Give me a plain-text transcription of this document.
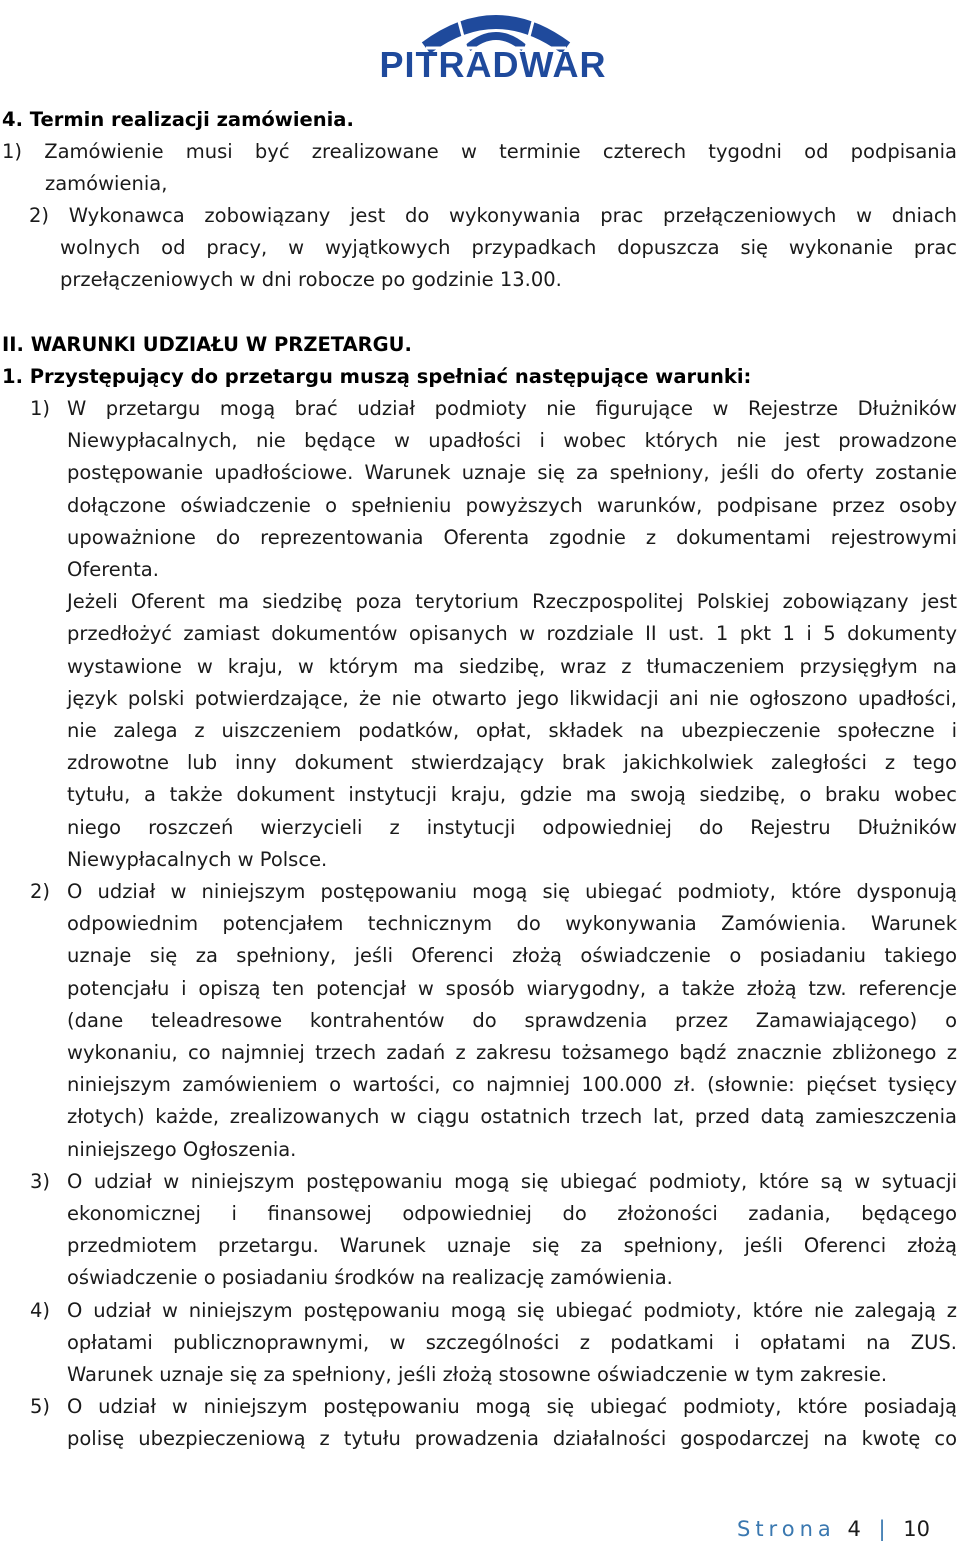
PITRADWAR
4. Termin realizacji zamówienia.
1) Zamówienie musi być zrealizowane w terminie czterech tygodni od podpisania
zamówienia,
2) Wykonawca zobowiązany jest do wykonywania prac przełączeniowych w dniach
wolnych od pracy, w wyjątkowych przypadkach dopuszcza się wykonanie prac
przełączeniowych w dni robocze po godzinie 13.00.
II. WARUNKI UDZIAŁU W PRZETARGU.
1. Przystępujący do przetargu muszą spełniać następujące warunki:
1) W przetargu mogą brać udział podmioty nie figurujące w Rejestrze Dłużników
Niewypłacalnych, nie będące w upadłości i wobec których nie jest prowadzone
postępowanie upadłościowe. Warunek uznaje się za spełniony, jeśli do oferty zostanie
dołączone oświadczenie o spełnieniu powyższych warunków, podpisane przez osoby
upoważnione do reprezentowania Oferenta zgodnie z dokumentami rejestrowymi
Oferenta.
Jeżeli Oferent ma siedzibę poza terytorium Rzeczpospolitej Polskiej zobowiązany jest
przedłożyć zamiast dokumentów opisanych w rozdziale II ust. 1 pkt 1 i 5 dokumenty
wystawione w kraju, w którym ma siedzibę, wraz z tłumaczeniem przysięgłym na
język polski potwierdzające, że nie otwarto jego likwidacji ani nie ogłoszono upadłości,
nie zalega z uiszczeniem podatków, opłat, składek na ubezpieczenie społeczne i
zdrowotne lub inny dokument stwierdzający brak jakichkolwiek zaległości z tego
tytułu, a także dokument instytucji kraju, gdzie ma swoją siedzibę, o braku wobec
niego roszczeń wierzycieli z instytucji odpowiedniej do Rejestru Dłużników
Niewypłacalnych w Polsce.
2) O udział w niniejszym postępowaniu mogą się ubiegać podmioty, które dysponują
odpowiednim potencjałem technicznym do wykonywania Zamówienia. Warunek
uznaje się za spełniony, jeśli Oferenci złożą oświadczenie o posiadaniu takiego
potencjału i opiszą ten potencjał w sposób wiarygodny, a także złożą tzw. referencje
(dane teleadresowe kontrahentów do sprawdzenia przez Zamawiającego) o
wykonaniu, co najmniej trzech zadań z zakresu tożsamego bądź znacznie zbliżonego z
niniejszym zamówieniem o wartości, co najmniej 100.000 zł. (słownie: pięćset tysięcy
złotych) każde, zrealizowanych w ciągu ostatnich trzech lat, przed datą zamieszczenia
niniejszego Ogłoszenia.
3) O udział w niniejszym postępowaniu mogą się ubiegać podmioty, które są w sytuacji
ekonomicznej i finansowej odpowiedniej do złożoności zadania, będącego
przedmiotem przetargu. Warunek uznaje się za spełniony, jeśli Oferenci złożą
oświadczenie o posiadaniu środków na realizację zamówienia.
4) O udział w niniejszym postępowaniu mogą się ubiegać podmioty, które nie zalegają z
opłatami publicznoprawnymi, w szczególności z podatkami i opłatami na ZUS.
Warunek uznaje się za spełniony, jeśli złożą stosowne oświadczenie w tym zakresie.
5) O udział w niniejszym postępowaniu mogą się ubiegać podmioty, które posiadają
polisę ubezpieczeniową z tytułu prowadzenia działalności gospodarczej na kwotę co
Strona 4 | 10
